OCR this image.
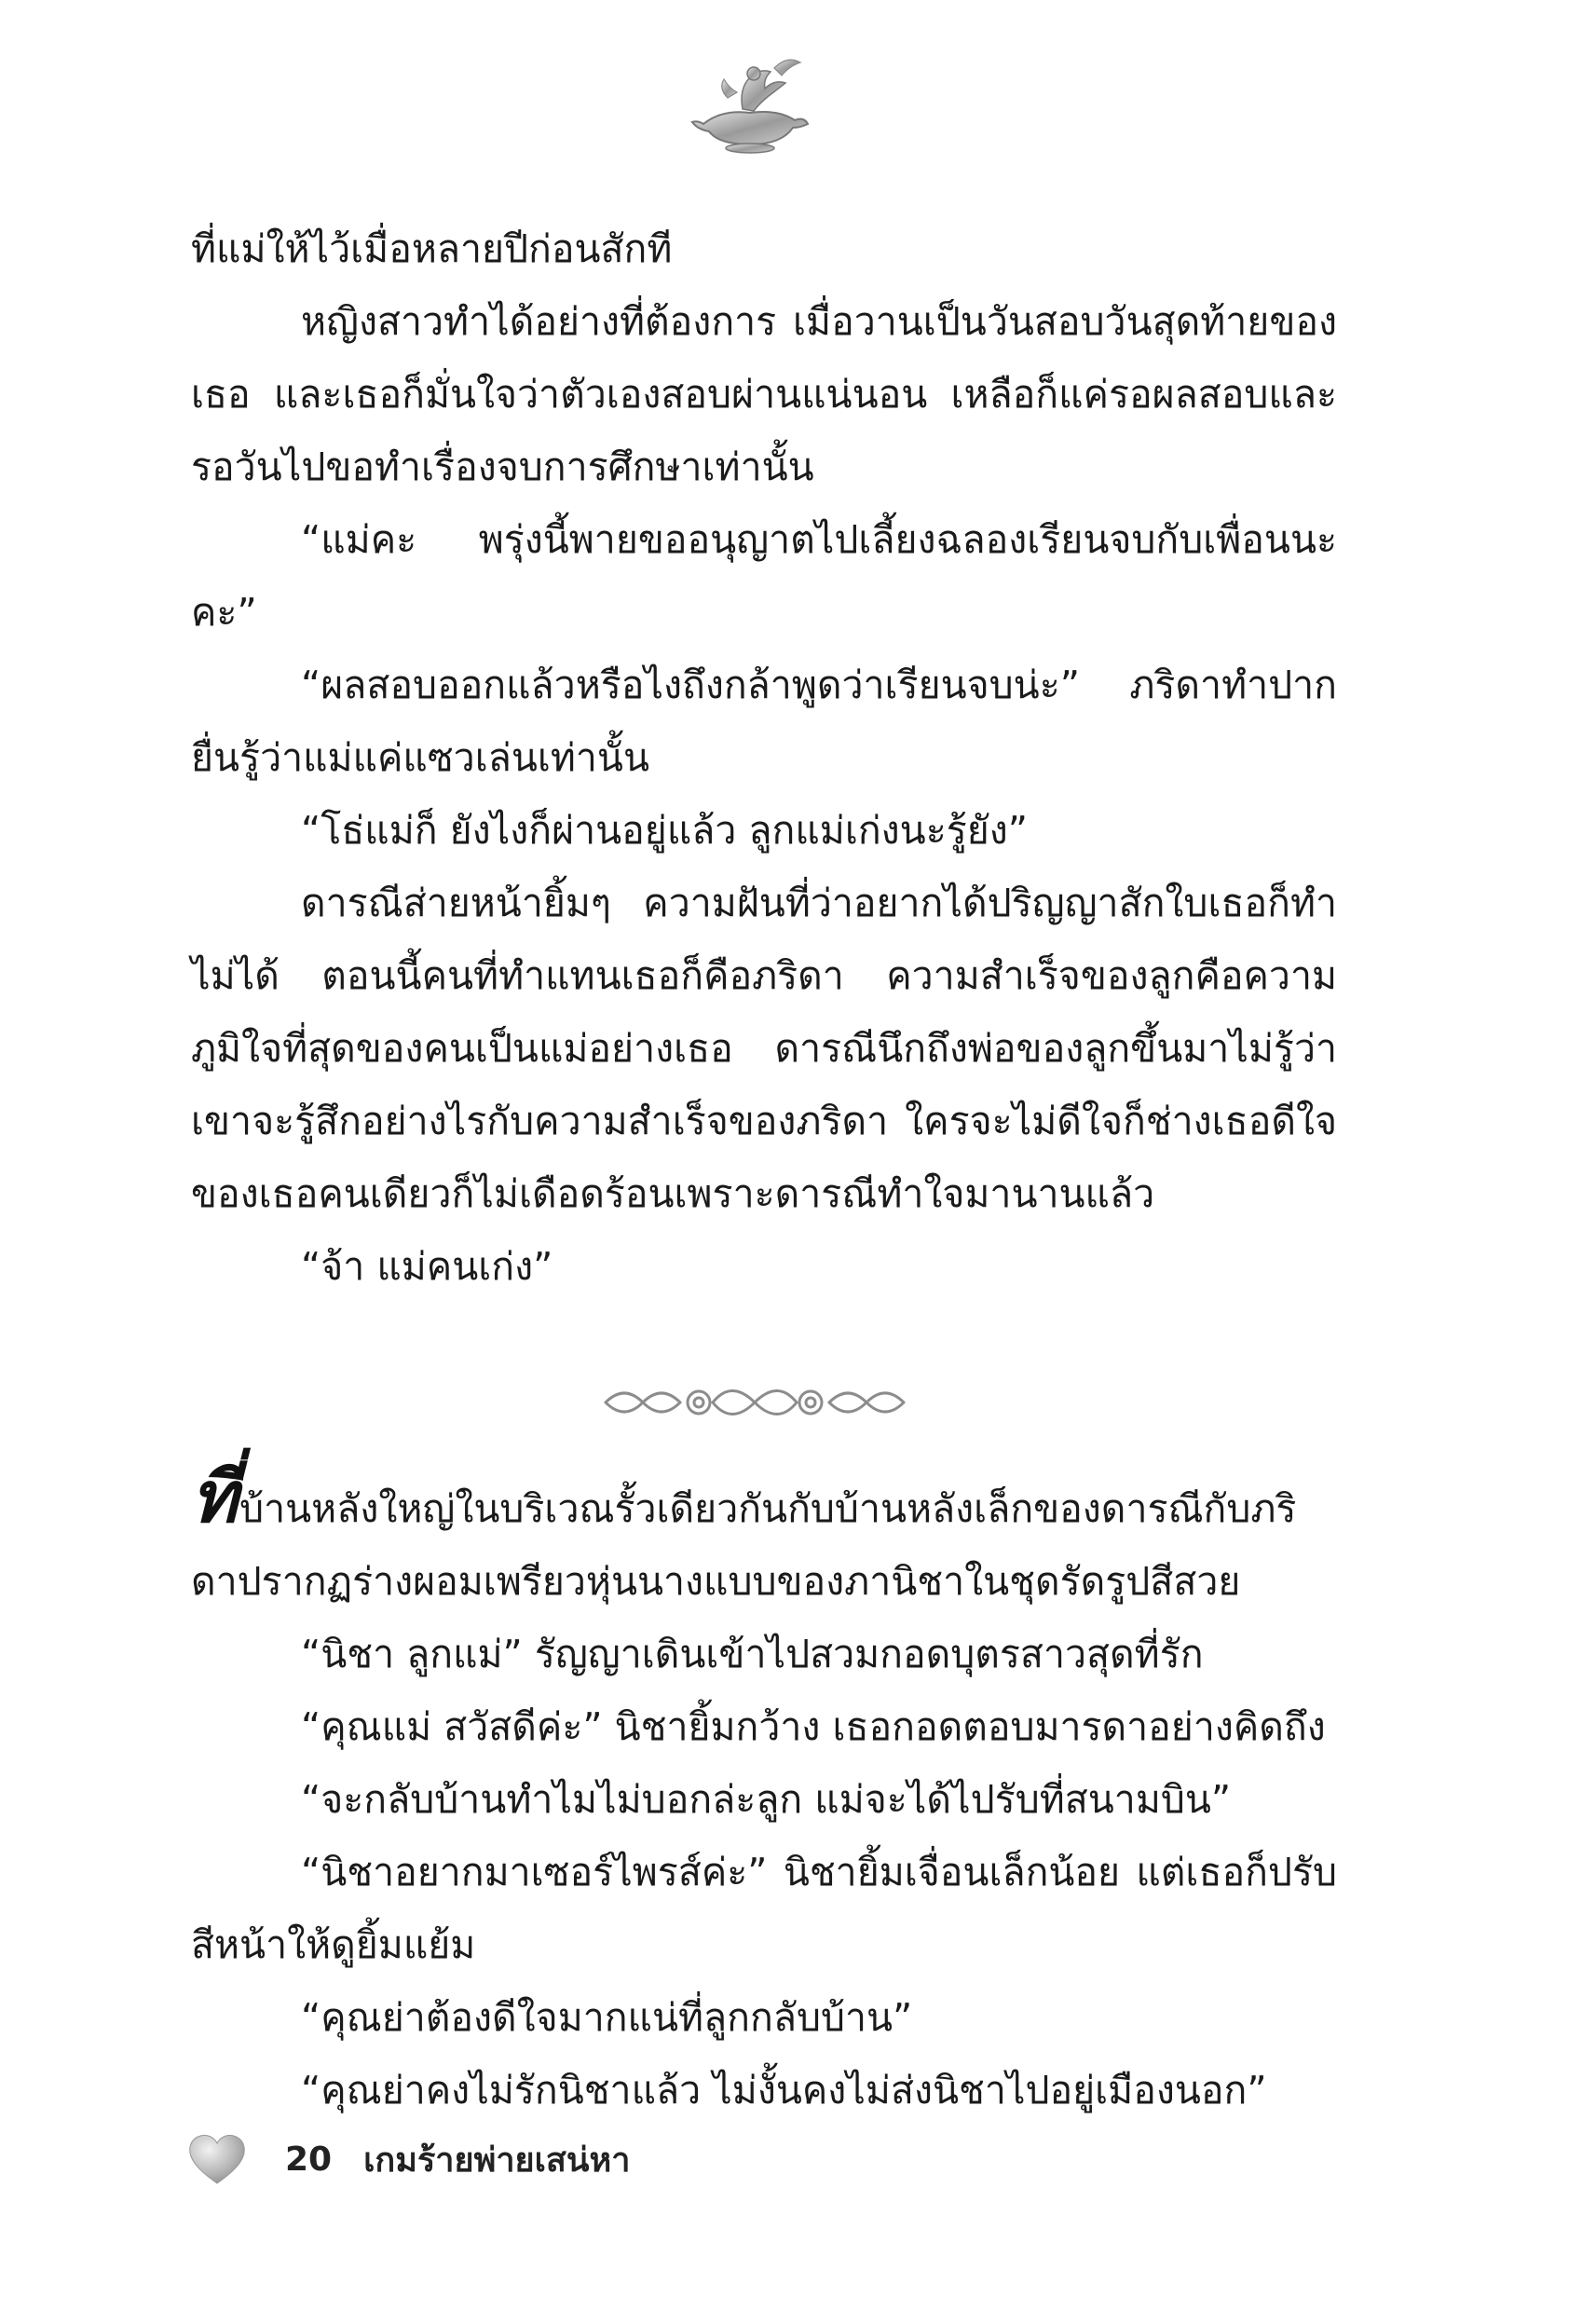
ที่แม่ให้ไว้เมื่อหลายปีก่อนสักที

หญิงสาวทำได้อย่างที่ต้องการ เมื่อวานเป็นวันสอบวันสุดท้ายของเธอ และเธอก็มั่นใจว่าตัวเองสอบผ่านแน่นอน เหลือก็แค่รอผลสอบและรอวันไปขอทำเรื่องจบการศึกษาเท่านั้น

“แม่คะ พรุ่งนี้พายขออนุญาตไปเลี้ยงฉลองเรียนจบกับเพื่อนนะคะ”

“ผลสอบออกแล้วหรือไงถึงกล้าพูดว่าเรียนจบน่ะ” ภริดาทำปากยื่นรู้ว่าแม่แค่แซวเล่นเท่านั้น

“โธ่แม่ก็ ยังไงก็ผ่านอยู่แล้ว ลูกแม่เก่งนะรู้ยัง”

ดารณีส่ายหน้ายิ้มๆ ความฝันที่ว่าอยากได้ปริญญาสักใบเธอก็ทำไม่ได้ ตอนนี้คนที่ทำแทนเธอก็คือภริดา ความสำเร็จของลูกคือความภูมิใจที่สุดของคนเป็นแม่อย่างเธอ ดารณีนึกถึงพ่อของลูกขึ้นมาไม่รู้ว่าเขาจะรู้สึกอย่างไรกับความสำเร็จของภริดา ใครจะไม่ดีใจก็ช่างเธอดีใจของเธอคนเดียวก็ไม่เดือดร้อนเพราะดารณีทำใจมานานแล้ว

“จ้า แม่คนเก่ง”

ที่บ้านหลังใหญ่ในบริเวณรั้วเดียวกันกับบ้านหลังเล็กของดารณีกับภริดาปรากฏร่างผอมเพรียวหุ่นนางแบบของภานิชาในชุดรัดรูปสีสวย

“นิชา ลูกแม่” รัญญาเดินเข้าไปสวมกอดบุตรสาวสุดที่รัก

“คุณแม่ สวัสดีค่ะ” นิชายิ้มกว้าง เธอกอดตอบมารดาอย่างคิดถึง

“จะกลับบ้านทำไมไม่บอกล่ะลูก แม่จะได้ไปรับที่สนามบิน”

“นิชาอยากมาเซอร์ไพรส์ค่ะ” นิชายิ้มเจื่อนเล็กน้อย แต่เธอก็ปรับสีหน้าให้ดูยิ้มแย้ม

“คุณย่าต้องดีใจมากแน่ที่ลูกกลับบ้าน”

“คุณย่าคงไม่รักนิชาแล้ว ไม่งั้นคงไม่ส่งนิชาไปอยู่เมืองนอก”

20 เกมร้ายพ่ายเสน่หา
